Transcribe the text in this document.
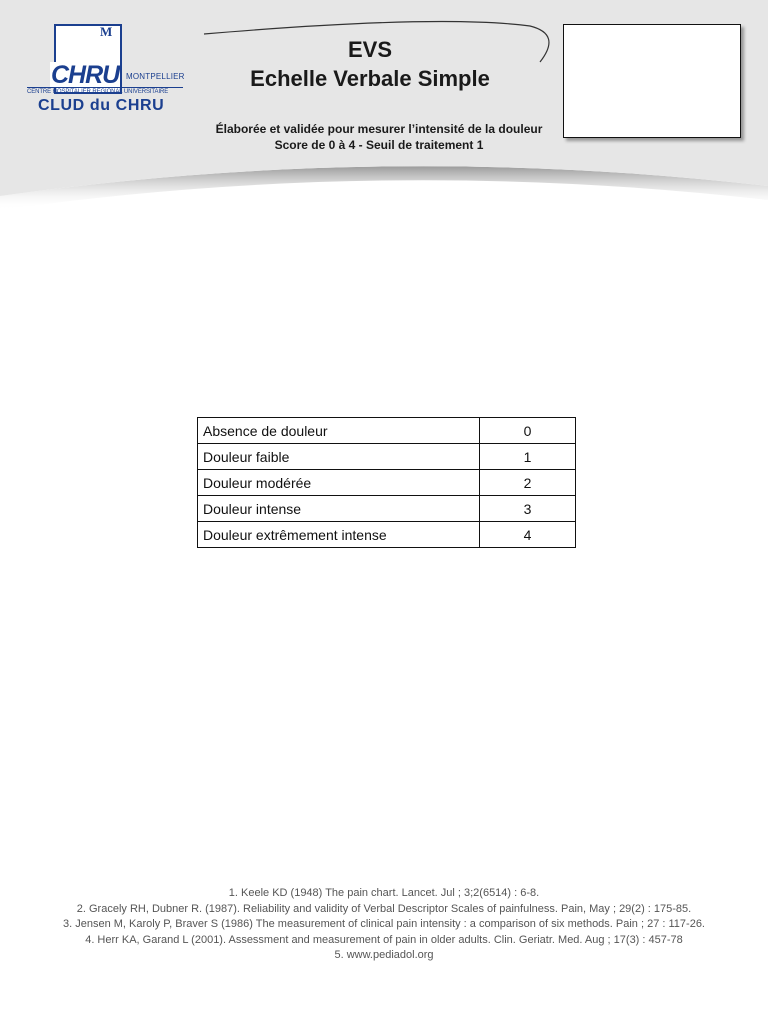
M
CHRU MONTPELLIER
CENTRE HOSPITALIER REGIONAL UNIVERSITAIRE
CLUD du CHRU
EVS
Echelle Verbale Simple
Élaborée et validée pour mesurer l’intensité de la douleur
Score de 0 à 4 - Seuil de traitement 1
Absence de douleur	0
Douleur faible	1
Douleur modérée	2
Douleur intense	3
Douleur extrêmement intense	4
1. Keele KD (1948) The pain chart. Lancet. Jul ; 3;2(6514) : 6-8.
2. Gracely RH, Dubner R. (1987). Reliability and validity of Verbal Descriptor Scales of painfulness. Pain, May ; 29(2) : 175-85.
3. Jensen M, Karoly P, Braver S (1986) The measurement of clinical pain intensity : a comparison of six methods. Pain ; 27 : 117-26.
4. Herr KA, Garand L (2001). Assessment and measurement of pain in older adults. Clin. Geriatr. Med. Aug ; 17(3) : 457-78
5. www.pediadol.org
